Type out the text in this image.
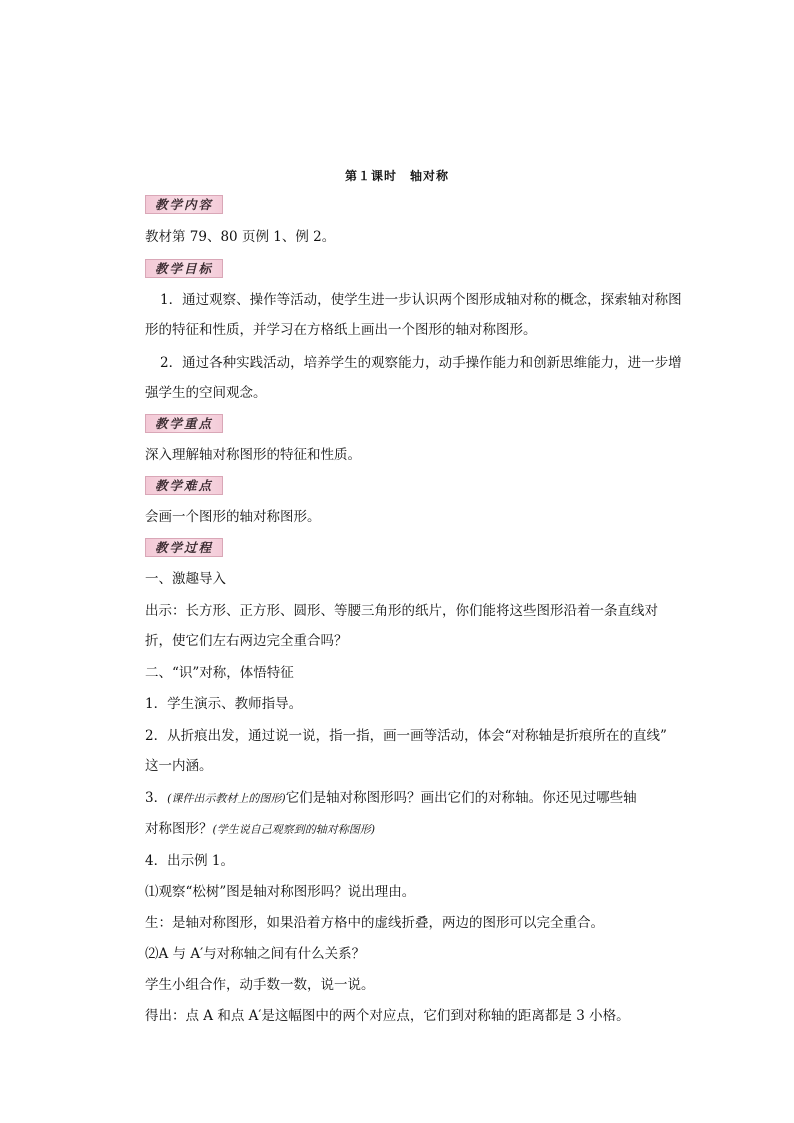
第１课时　轴对称
教学内容
教材第 79、80 页例 1、例 2。
教学目标
1．通过观察、操作等活动，使学生进一步认识两个图形成轴对称的概念，探索轴对称图
形的特征和性质，并学习在方格纸上画出一个图形的轴对称图形。
2．通过各种实践活动，培养学生的观察能力，动手操作能力和创新思维能力，进一步增
强学生的空间观念。
教学重点
深入理解轴对称图形的特征和性质。
教学难点
会画一个图形的轴对称图形。
教学过程
一、激趣导入
出示：长方形、正方形、圆形、等腰三角形的纸片，你们能将这些图形沿着一条直线对
折，使它们左右两边完全重合吗？
二、“识”对称，体悟特征
1．学生演示、教师指导。
2．从折痕出发，通过说一说，指一指，画一画等活动，体会“对称轴是折痕所在的直线”
这一内涵。
3．(课件出示教材上的图形)它们是轴对称图形吗？画出它们的对称轴。你还见过哪些轴
对称图形？(学生说自己观察到的轴对称图形)
4．出示例 1。
⑴观察“松树”图是轴对称图形吗？说出理由。
生：是轴对称图形，如果沿着方格中的虚线折叠，两边的图形可以完全重合。
⑵A 与 A′与对称轴之间有什么关系？
学生小组合作，动手数一数，说一说。
得出：点 A 和点 A′是这幅图中的两个对应点，它们到对称轴的距离都是 3 小格。
